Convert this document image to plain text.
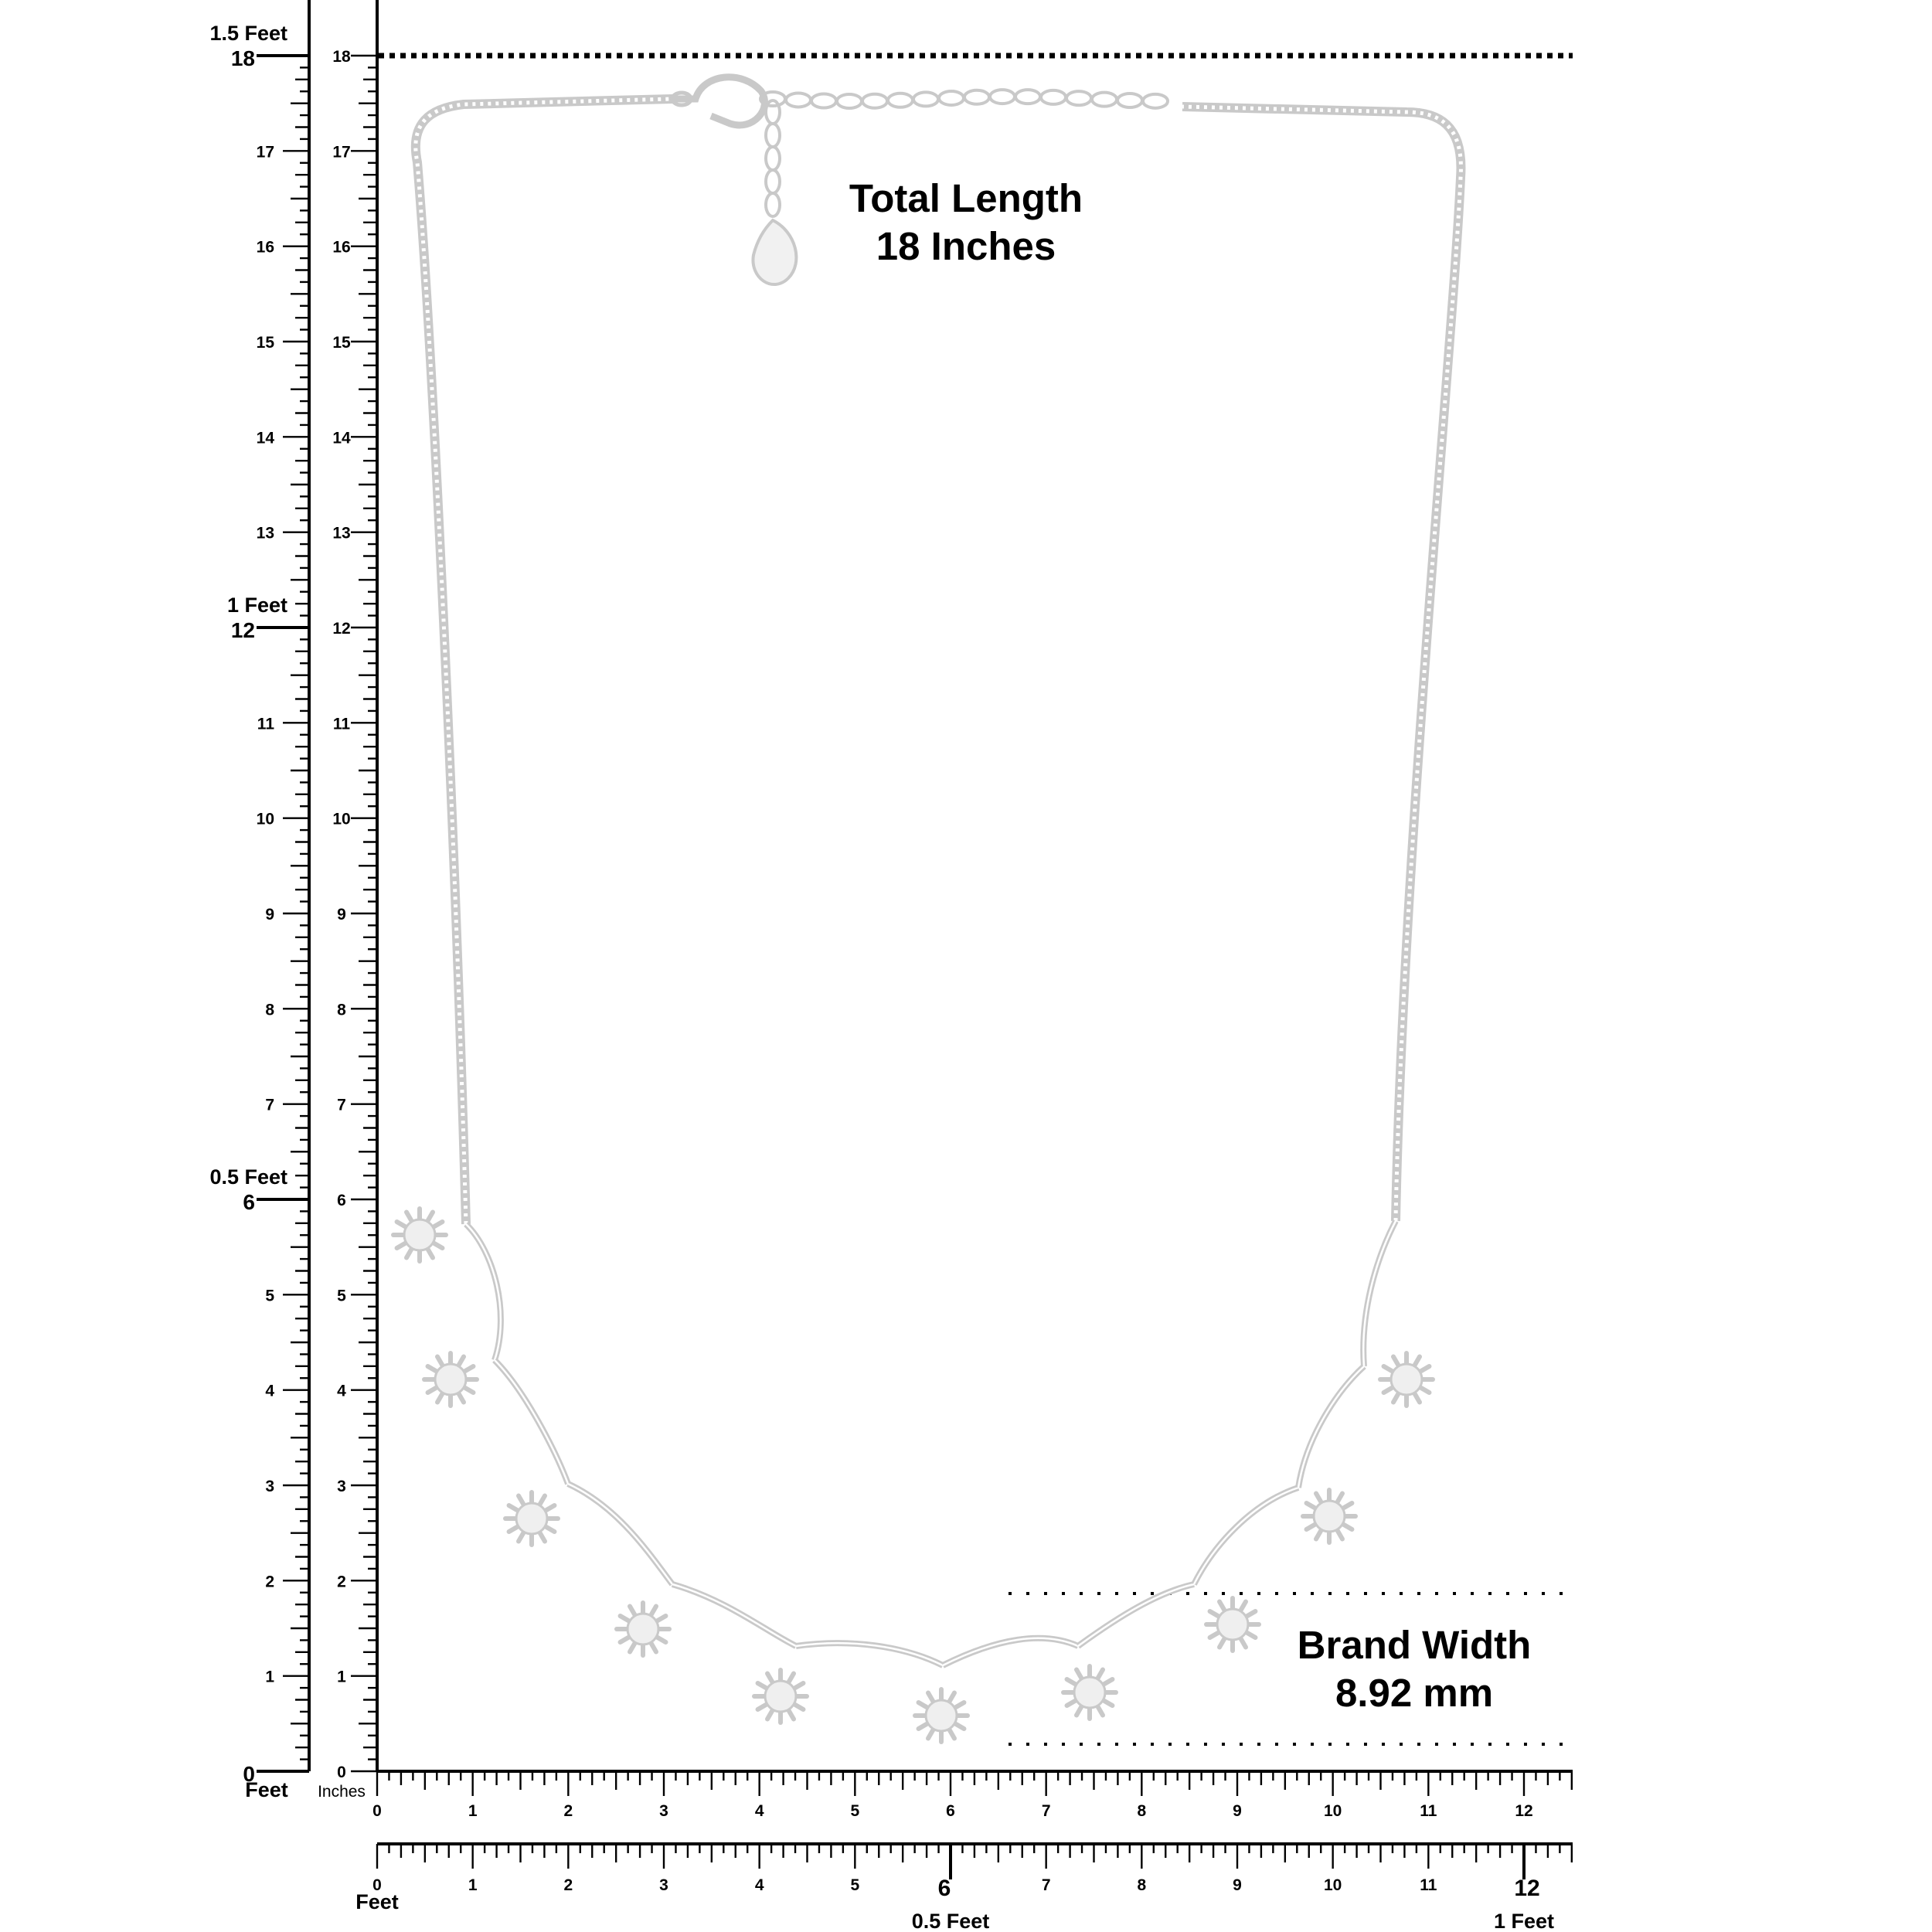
0
1
2
3
4
5
6
7
8
9
10
11
12
13
14
15
16
17
18
1.5 Feet
1 Feet
0.5 Feet
Feet
0
1
2
3
4
5
6
7
8
9
10
11
12
13
14
15
16
17
18
Inches
0	1	2	3	4	5	6	7	8	9	10	11	12
1	2	3	4	5	7	8	9	10	11
0
Feet
6
0.5 Feet
12
1 Feet
Total Length
18 Inches
Brand Width
8.92 mm
